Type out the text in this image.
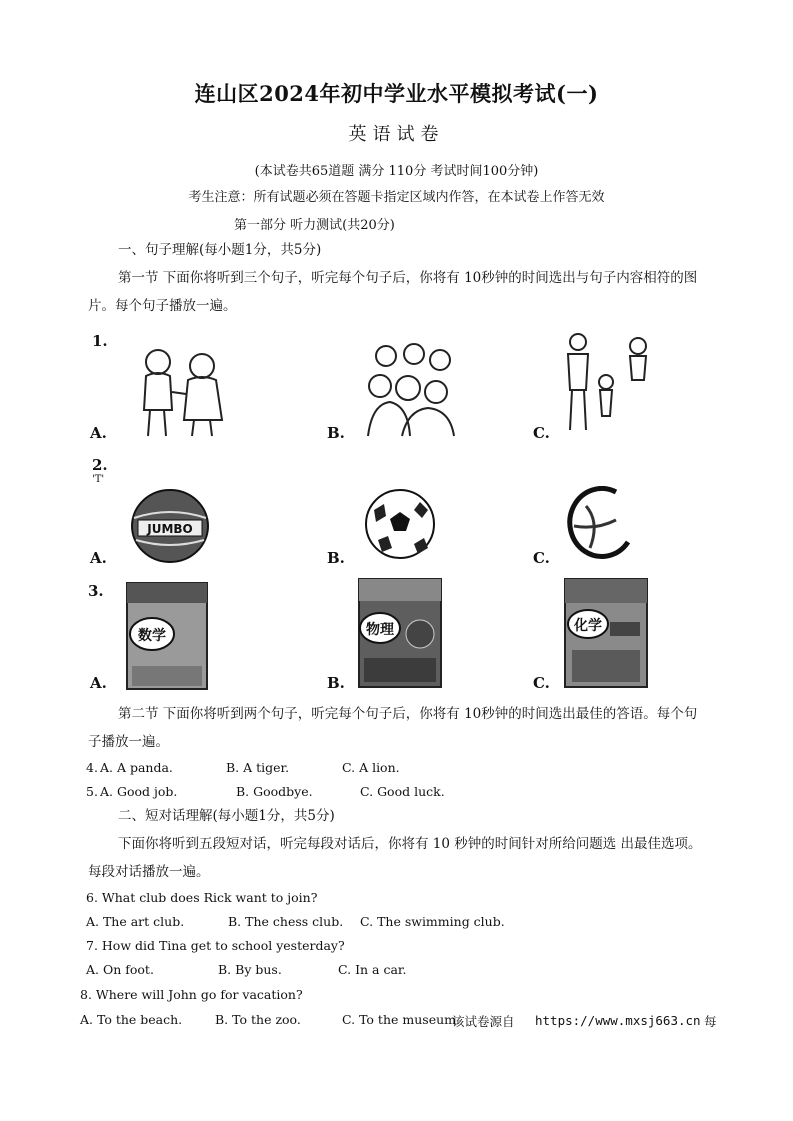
连山区2024年初中学业水平模拟考试(一)
英语试卷
(本试卷共65道题 满分 110分 考试时间100分钟)
考生注意：所有试题必须在答题卡指定区域内作答，在本试卷上作答无效
第一部分 听力测试(共20分)
一、句子理解(每小题1分，共5分)
第一节 下面你将听到三个句子，听完每个句子后，你将有 10秒钟的时间选出与句子内容相符的图
片。每个句子播放一遍。
1.
A.	B.	C.
2.
'T'
A.	B.	C.
JUMBO
3.
A.	B.	C.
数学	物理	化学
第二节 下面你将听到两个句子，听完每个句子后，你将有 10秒钟的时间选出最佳的答语。每个句
子播放一遍。
4. A. A panda.	B. A tiger.	C. A lion.
5. A. Good job.	B. Goodbye.	C. Good luck.
二、短对话理解(每小题1分，共5分)
下面你将听到五段短对话，听完每段对话后，你将有 10 秒钟的时间针对所给问题选 出最佳选项。
每段对话播放一遍。
6. What club does Rick want to join?
A. The art club.	B. The chess club. C. The swimming club.
7. How did Tina get to school yesterday?
A. On foot.	B. By bus.	C. In a car.
8. Where will John go for vacation?
A. To the beach.	B. To the zoo.	C. To the museum.
该试卷源自 https://www.mxsj663.cn 每
